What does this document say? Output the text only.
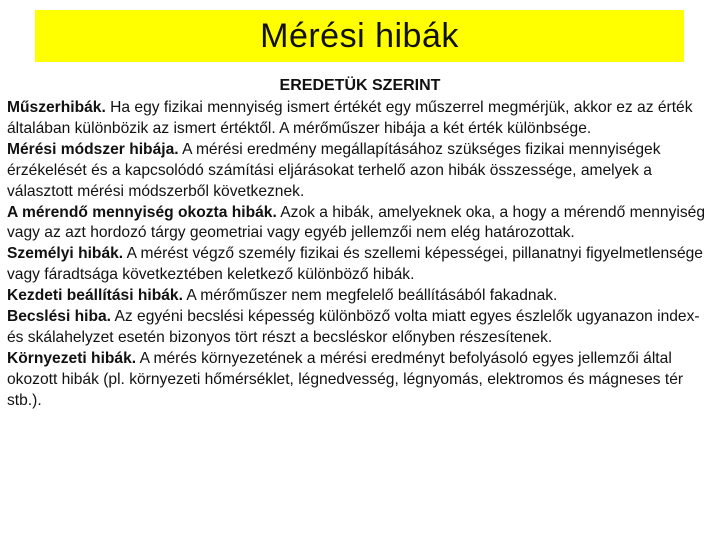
Mérési hibák
EREDETÜK SZERINT

Műszerhibák. Ha egy fizikai mennyiség ismert értékét egy műszerrel megmérjük, akkor ez az érték általában különbözik az ismert értéktől. A mérőműszer hibája a két érték különbsége.

Mérési módszer hibája. A mérési eredmény megállapításához szükséges fizikai mennyiségek érzékelését és a kapcsolódó számítási eljárásokat terhelő azon hibák összessége, amelyek a választott mérési módszerből következnek.

A mérendő mennyiség okozta hibák. Azok a hibák, amelyeknek oka, a hogy a mérendő mennyiség vagy az azt hordozó tárgy geometriai vagy egyéb jellemzői nem elég határozottak.

Személyi hibák. A mérést végző személy fizikai és szellemi képességei, pillanatnyi figyelmetlensége vagy fáradtsága következtében keletkező különböző hibák.

Kezdeti beállítási hibák. A mérőműszer nem megfelelő beállításából fakadnak.

Becslési hiba. Az egyéni becslési képesség különböző volta miatt egyes észlelők ugyanazon index- és skálahelyzet esetén bizonyos tört részt a becsléskor előnyben részesítenek.

Környezeti hibák. A mérés környezetének a mérési eredményt befolyásoló egyes jellemzői által okozott hibák (pl. környezeti hőmérséklet, légnedvesség, légnyomás, elektromos és mágneses tér stb.).
